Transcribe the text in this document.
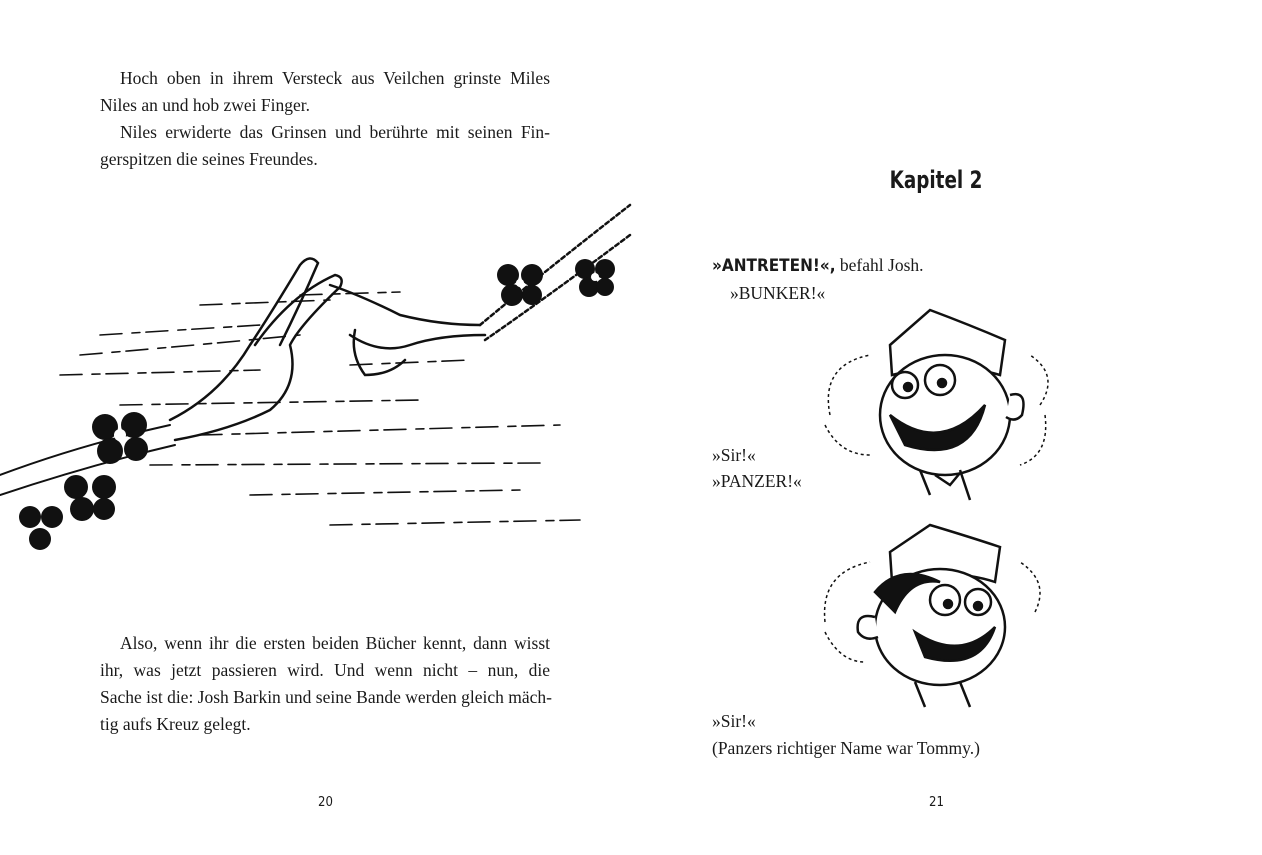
Hoch oben in ihrem Versteck aus Veilchen grinste Miles
Niles an und hob zwei Finger.
Niles erwiderte das Grinsen und berührte mit seinen Fin-
gerspitzen die seines Freundes.
Also, wenn ihr die ersten beiden Bücher kennt, dann wisst
ihr, was jetzt passieren wird. Und wenn nicht – nun, die
Sache ist die: Josh Barkin und seine Bande werden gleich mäch-
tig aufs Kreuz gelegt.
20
Kapitel 2
»ANTRETEN!«, befahl Josh.
»BUNKER!«
»Sir!«
»PANZER!«
»Sir!«
(Panzers richtiger Name war Tommy.)
21
